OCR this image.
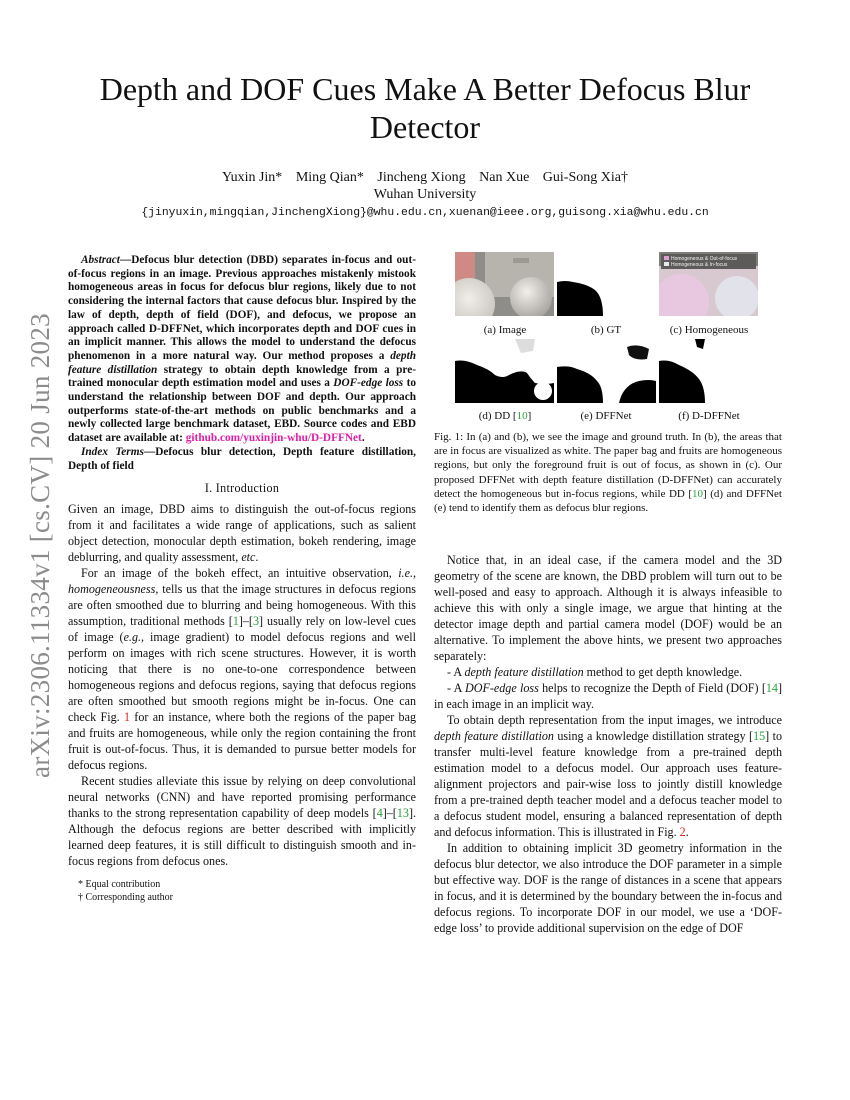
arXiv:2306.11334v1 [cs.CV] 20 Jun 2023
Depth and DOF Cues Make A Better Defocus Blur Detector
Yuxin Jin* Ming Qian* Jincheng Xiong Nan Xue Gui-Song Xia†
Wuhan University
{jinyuxin,mingqian,JinchengXiong}@whu.edu.cn,xuenan@ieee.org,guisong.xia@whu.edu.cn

Abstract—Defocus blur detection (DBD) separates in-focus and out-of-focus regions in an image. Previous approaches mistakenly mistook homogeneous areas in focus for defocus blur regions, likely due to not considering the internal factors that cause defocus blur. Inspired by the law of depth, depth of field (DOF), and defocus, we propose an approach called D-DFFNet, which incorporates depth and DOF cues in an implicit manner. This allows the model to understand the defocus phenomenon in a more natural way. Our method proposes a depth feature distillation strategy to obtain depth knowledge from a pre-trained monocular depth estimation model and uses a DOF-edge loss to understand the relationship between DOF and depth. Our approach outperforms state-of-the-art methods on public benchmarks and a newly collected large benchmark dataset, EBD. Source codes and EBD dataset are available at: github.com/yuxinjin-whu/D-DFFNet.

Index Terms—Defocus blur detection, Depth feature distillation, Depth of field

I. Introduction

Given an image, DBD aims to distinguish the out-of-focus regions from it and facilitates a wide range of applications, such as salient object detection, monocular depth estimation, bokeh rendering, image deblurring, and quality assessment, etc.

For an image of the bokeh effect, an intuitive observation, i.e., homogeneousness, tells us that the image structures in defocus regions are often smoothed due to blurring and being homogeneous. With this assumption, traditional methods [1]–[3] usually rely on low-level cues of image (e.g., image gradient) to model defocus regions and well perform on images with rich scene structures. However, it is worth noticing that there is no one-to-one correspondence between homogeneous regions and defocus regions, saying that defocus regions are often smoothed but smooth regions might be in-focus. One can check Fig. 1 for an instance, where both the regions of the paper bag and fruits are homogeneous, while only the region containing the front fruit is out-of-focus. Thus, it is demanded to pursue better models for defocus regions.

Recent studies alleviate this issue by relying on deep convolutional neural networks (CNN) and have reported promising performance thanks to the strong representation capability of deep models [4]–[13]. Although the defocus regions are better described with implicitly learned deep features, it is still difficult to distinguish smooth and in-focus regions from defocus ones.

* Equal contribution
† Corresponding author
Homogeneous & Out-of-focus
Homogeneous & In-focus
(a) Image	(b) GT	(c) Homogeneous
(d) DD [10]	(e) DFFNet	(f) D-DFFNet
Fig. 1: In (a) and (b), we see the image and ground truth. In (b), the areas that are in focus are visualized as white. The paper bag and fruits are homogeneous regions, but only the foreground fruit is out of focus, as shown in (c). Our proposed DFFNet with depth feature distillation (D-DFFNet) can accurately detect the homogeneous but in-focus regions, while DD [10] (d) and DFFNet (e) tend to identify them as defocus blur regions.

Notice that, in an ideal case, if the camera model and the 3D geometry of the scene are known, the DBD problem will turn out to be well-posed and easy to approach. Although it is always infeasible to achieve this with only a single image, we argue that hinting at the detector image depth and partial camera model (DOF) would be an alternative. To implement the above hints, we present two approaches separately:

- A depth feature distillation method to get depth knowledge.

- A DOF-edge loss helps to recognize the Depth of Field (DOF) [14] in each image in an implicit way.

To obtain depth representation from the input images, we introduce depth feature distillation using a knowledge distillation strategy [15] to transfer multi-level feature knowledge from a pre-trained depth estimation model to a defocus model. Our approach uses feature-alignment projectors and pair-wise loss to jointly distill knowledge from a pre-trained depth teacher model and a defocus teacher model to a defocus student model, ensuring a balanced representation of depth and defocus information. This is illustrated in Fig. 2.

In addition to obtaining implicit 3D geometry information in the defocus blur detector, we also introduce the DOF parameter in a simple but effective way. DOF is the range of distances in a scene that appears in focus, and it is determined by the boundary between the in-focus and defocus regions. To incorporate DOF in our model, we use a ‘DOF-edge loss’ to provide additional supervision on the edge of DOF
